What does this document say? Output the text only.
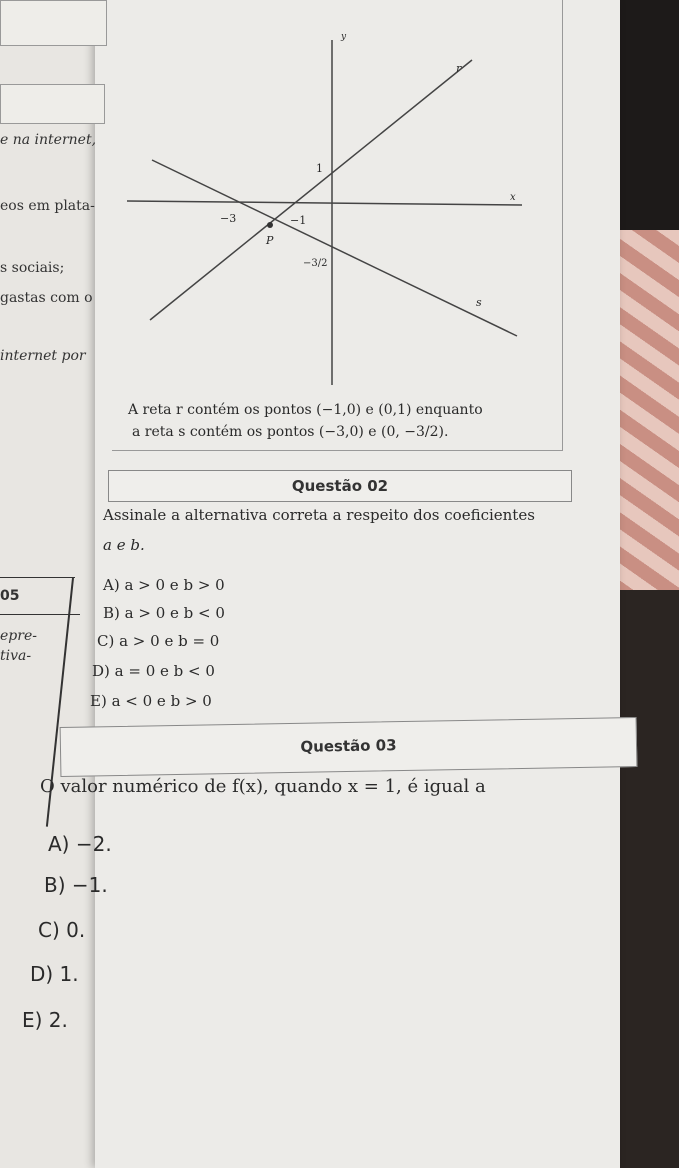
e na internet,
eos em plata-
s sociais;
gastas com o
internet por
05
epre-
tiva-
y
x
r
s
1
−3	−1
−3/2
P
A reta r contém os pontos (−1,0) e (0,1) enquanto
a reta s contém os pontos (−3,0) e (0, −3/2).
Questão 02
Assinale a alternativa correta a respeito dos coeficientes
a e b.
A) a > 0 e b > 0
B) a > 0 e b < 0
C) a > 0 e b = 0
D) a = 0 e b < 0
E) a < 0 e b > 0
Questão 03
O valor numérico de f(x), quando x = 1, é igual a
A) −2.
B) −1.
C) 0.
D) 1.
E) 2.
